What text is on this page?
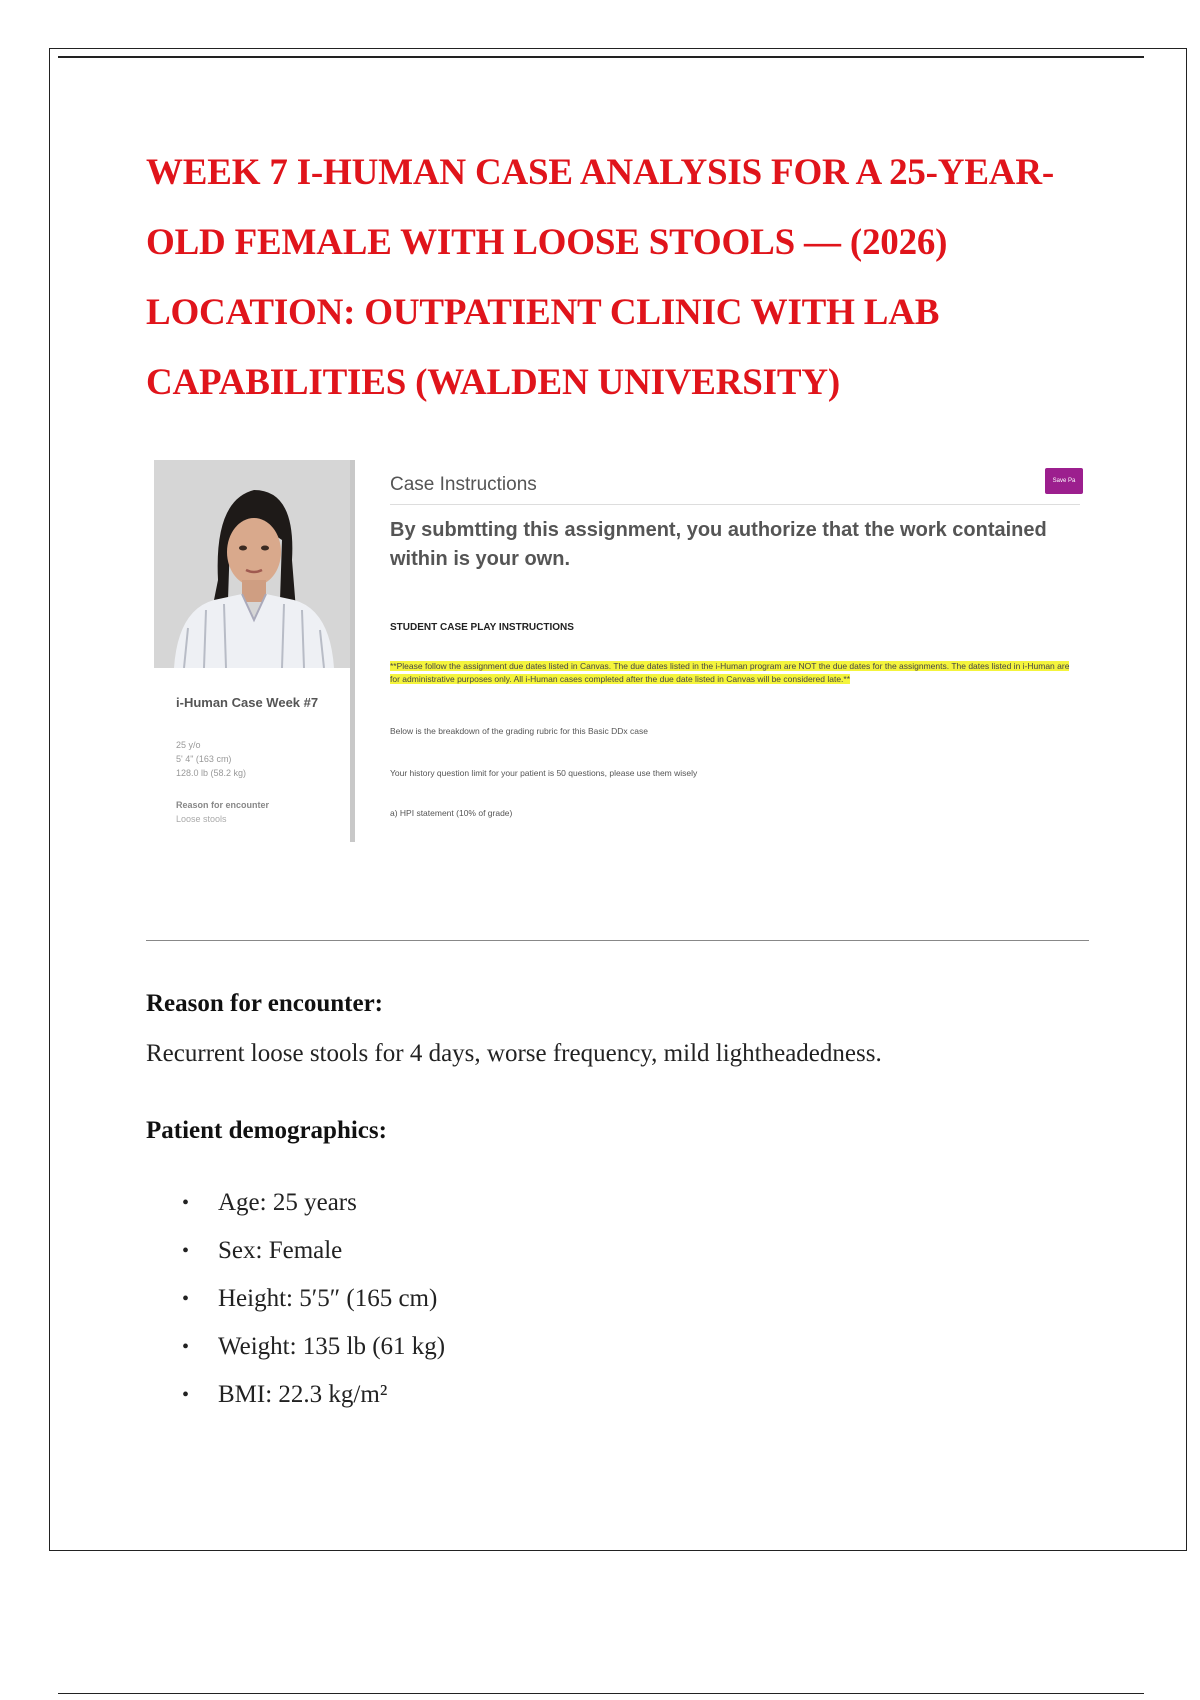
WEEK 7 I-HUMAN CASE ANALYSIS FOR A 25-YEAR-OLD FEMALE WITH LOOSE STOOLS — (2026) LOCATION: OUTPATIENT CLINIC WITH LAB CAPABILITIES (WALDEN UNIVERSITY)
i-Human Case Week #7
25 y/o
5' 4" (163 cm)
128.0 lb (58.2 kg)
Reason for encounter
Loose stools
Case Instructions	Save Pa

By submtting this assignment, you authorize that the work contained within is your own.

STUDENT CASE PLAY INSTRUCTIONS
**Please follow the assignment due dates listed in Canvas. The due dates listed in the i-Human program are NOT the due dates for the assignments. The dates listed in i-Human are for administrative purposes only. All i-Human cases completed after the due date listed in Canvas will be considered late.**
Below is the breakdown of the grading rubric for this Basic DDx case
Your history question limit for your patient is 50 questions, please use them wisely
a) HPI statement (10% of grade)
Reason for encounter:

Recurrent loose stools for 4 days, worse frequency, mild lightheadedness.

Patient demographics:
• Age: 25 years
• Sex: Female
• Height: 5′5″ (165 cm)
• Weight: 135 lb (61 kg)
• BMI: 22.3 kg/m²
